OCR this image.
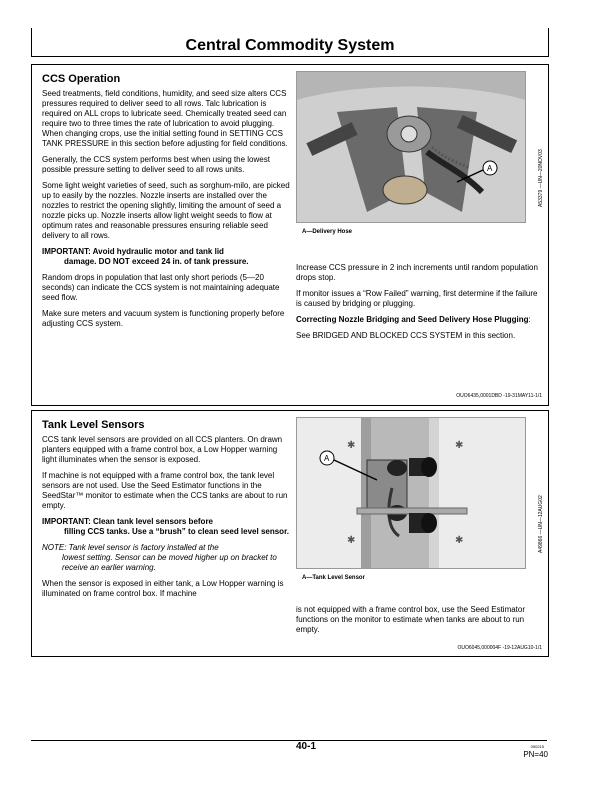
Central Commodity System
CCS Operation

Seed treatments, field conditions, humidity, and seed size alters CCS pressures required to deliver seed to all rows. Talc lubrication is required on ALL crops to lubricate seed. Chemically treated seed can require two to three times the rate of lubrication to avoid plugging. When changing crops, use the initial setting found in SETTING CCS TANK PRESSURE in this section before adjusting for field conditions.

Generally, the CCS system performs best when using the lowest possible pressure setting to deliver seed to all rows units.

Some light weight varieties of seed, such as sorghum-milo, are picked up to easily by the nozzles. Nozzle inserts are installed over the nozzles to restrict the opening slightly, limiting the amount of seed a nozzle picks up. Nozzle inserts allow light weight seeds to flow at optimum rates and reasonable pressures ensuring reliable seed delivery to all rows.

IMPORTANT: Avoid hydraulic motor and tank lid
damage. DO NOT exceed 24 in. of tank pressure.

Random drops in population that last only short periods (5—20 seconds) can indicate the CCS system is not maintaining adequate seed flow.

Make sure meters and vacuum system is functioning properly before adjusting CCS system.

A	A53379 —UN—20NOV03
A—Delivery Hose

Increase CCS pressure in 2 inch increments until random population drops stop.

If monitor issues a “Row Failed” warning, first determine if the failure is caused by bridging or plugging.

Correcting Nozzle Bridging and Seed Delivery Hose Plugging:

See BRIDGED AND BLOCKED CCS SYSTEM in this section.

OUO6435,0001DBD -19-31MAY11-1/1
Tank Level Sensors

CCS tank level sensors are provided on all CCS planters. On drawn planters equipped with a frame control box, a Low Hopper warning light illuminates when the sensor is exposed.

If machine is not equipped with a frame control box, the tank level sensors are not used. Use the Seed Estimator functions in the SeedStar™ monitor to estimate when the CCS tanks are about to run empty.

IMPORTANT: Clean tank level sensors before
filling CCS tanks. Use a “brush” to clean seed level sensor.
NOTE: Tank level sensor is factory installed at the
lowest setting. Sensor can be moved higher up on bracket to receive an earlier warning.

When the sensor is exposed in either tank, a Low Hopper warning is illuminated on frame control box. If machine

✱
✱
✱
✱
A
A49866 —UN—12AUG02
A—Tank Level Sensor

is not equipped with a frame control box, use the Seed Estimator functions on the monitor to estimate when tanks are about to run empty.

OUO6045,000004F -19-12AUG10-1/1
40-1	050215
PN=40
